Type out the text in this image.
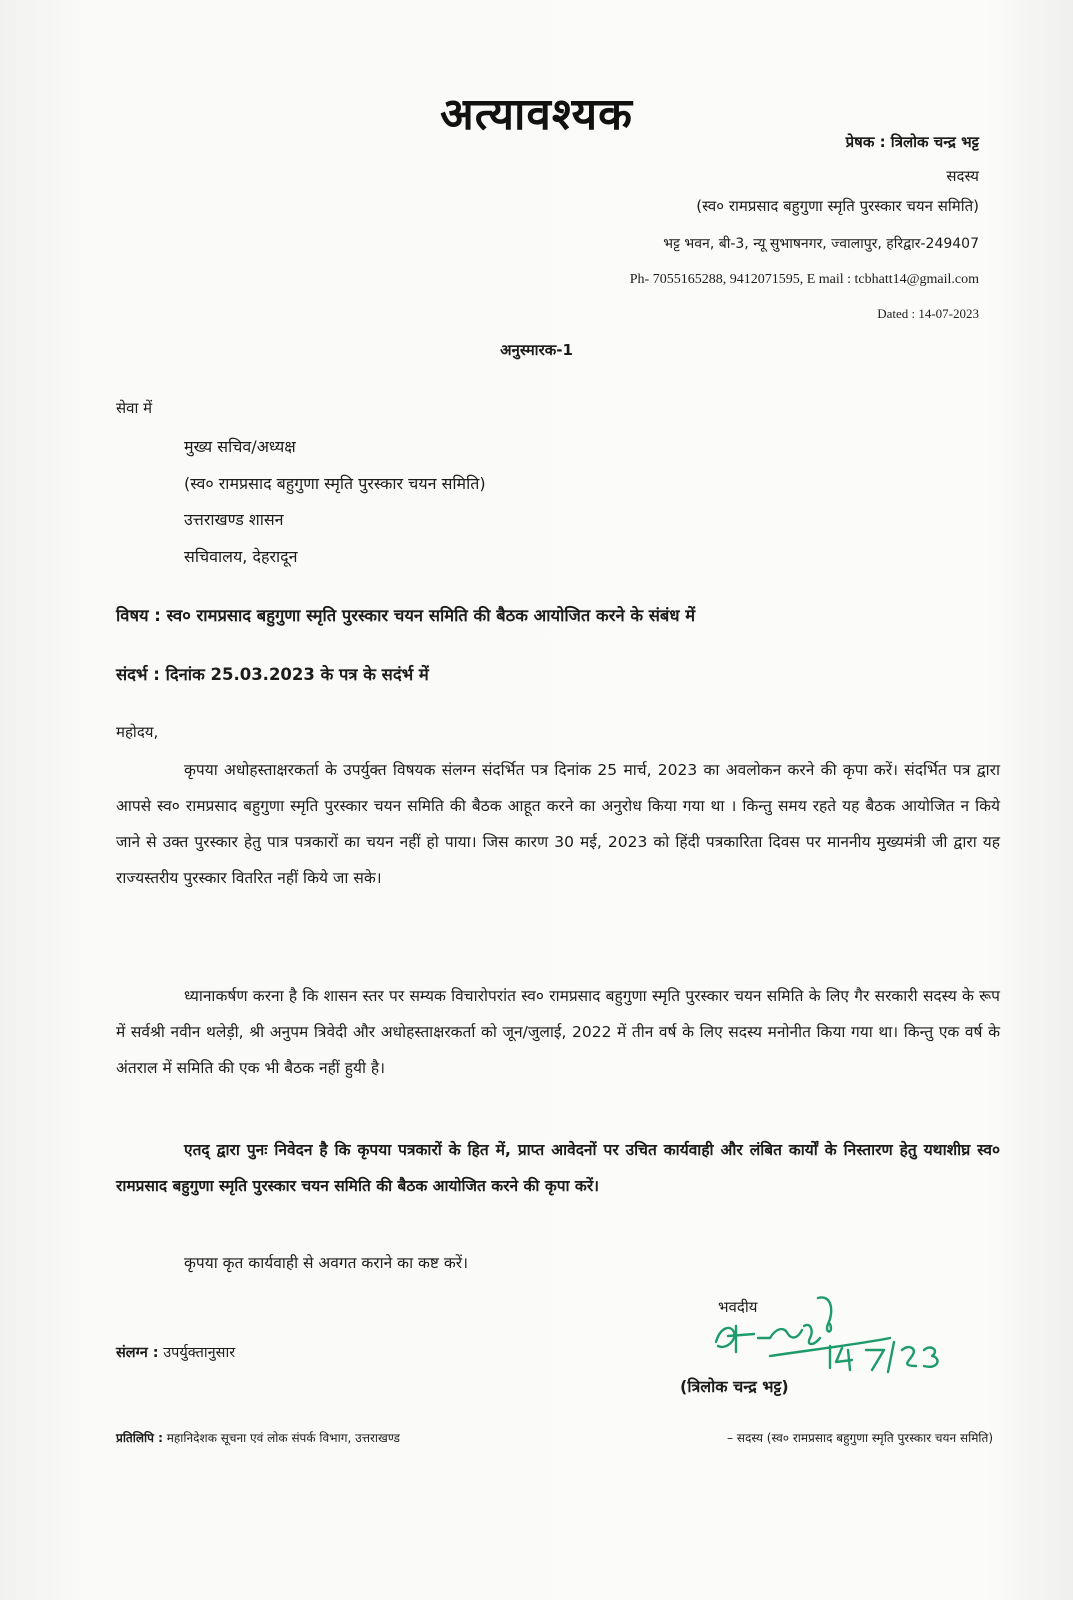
अत्यावश्यक
प्रेषक : त्रिलोक चन्द्र भट्ट
सदस्य
(स्व० रामप्रसाद बहुगुणा स्मृति पुरस्कार चयन समिति)
भट्ट भवन, बी-3, न्यू सुभाषनगर, ज्वालापुर, हरिद्वार-249407
Ph- 7055165288, 9412071595, E mail : tcbhatt14@gmail.com
Dated : 14-07-2023
अनुस्मारक-1
सेवा में
मुख्य सचिव/अध्यक्ष
(स्व० रामप्रसाद बहुगुणा स्मृति पुरस्कार चयन समिति)
उत्तराखण्ड शासन
सचिवालय, देहरादून
विषय : स्व० रामप्रसाद बहुगुणा स्मृति पुरस्कार चयन समिति की बैठक आयोजित करने के संबंध में
संदर्भ : दिनांक 25.03.2023 के पत्र के सदंर्भ में
महोदय,

कृपया अधोहस्ताक्षरकर्ता के उपर्युक्त विषयक संलग्न संदर्भित पत्र दिनांक 25 मार्च, 2023 का अवलोकन करने की कृपा करें। संदर्भित पत्र द्वारा आपसे स्व० रामप्रसाद बहुगुणा स्मृति पुरस्कार चयन समिति की बैठक आहूत करने का अनुरोध किया गया था । किन्तु समय रहते यह बैठक आयोजित न किये जाने से उक्त पुरस्कार हेतु पात्र पत्रकारों का चयन नहीं हो पाया। जिस कारण 30 मई, 2023 को हिंदी पत्रकारिता दिवस पर माननीय मुख्यमंत्री जी द्वारा यह राज्यस्तरीय पुरस्कार वितरित नहीं किये जा सके।

ध्यानाकर्षण करना है कि शासन स्तर पर सम्यक विचारोपरांत स्व० रामप्रसाद बहुगुणा स्मृति पुरस्कार चयन समिति के लिए गैर सरकारी सदस्य के रूप में सर्वश्री नवीन थलेड़ी, श्री अनुपम त्रिवेदी और अधोहस्ताक्षरकर्ता को जून/जुलाई, 2022 में तीन वर्ष के लिए सदस्य मनोनीत किया गया था। किन्तु एक वर्ष के अंतराल में समिति की एक भी बैठक नहीं हुयी है।

एतद् द्वारा पुनः निवेदन है कि कृपया पत्रकारों के हित में, प्राप्त आवेदनों पर उचित कार्यवाही और लंबित कार्यों के निस्तारण हेतु यथाशीघ्र स्व० रामप्रसाद बहुगुणा स्मृति पुरस्कार चयन समिति की बैठक आयोजित करने की कृपा करें।

कृपया कृत कार्यवाही से अवगत कराने का कष्ट करें।

भवदीय
(त्रिलोक चन्द्र भट्ट)
संलग्न : उपर्युक्तानुसार
प्रतिलिपि : महानिदेशक सूचना एवं लोक संपर्क विभाग, उत्तराखण्ड	– सदस्य (स्व० रामप्रसाद बहुगुणा स्मृति पुरस्कार चयन समिति)
